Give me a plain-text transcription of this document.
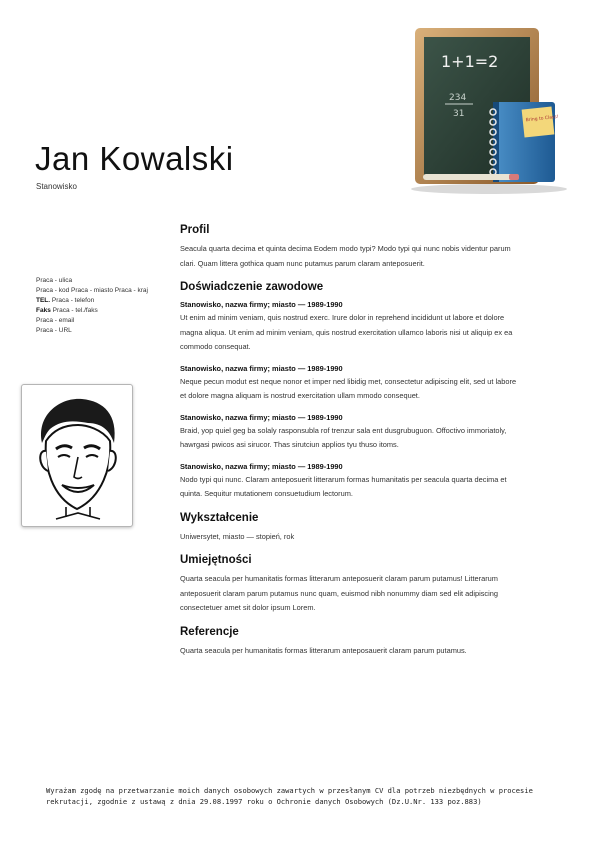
Jan Kowalski
Stanowisko
1+1=2
234
31
Bring to Class!
Praca - ulica
Praca - kod Praca - miasto Praca - kraj
TEL. Praca - telefon
Faks Praca - tel./faks
Praca - email
Praca - URL
Profil

Seacula quarta decima et quinta decima Eodem modo typi? Modo typi qui nunc nobis videntur parum clari. Quam littera gothica quam nunc putamus parum claram anteposuerit.

Doświadczenie zawodowe
Stanowisko, nazwa firmy; miasto — 1989-1990

Ut enim ad minim veniam, quis nostrud exerc. Irure dolor in reprehend incididunt ut labore et dolore magna aliqua. Ut enim ad minim veniam, quis nostrud exercitation ullamco laboris nisi ut aliquip ex ea commodo consequat.

Stanowisko, nazwa firmy; miasto — 1989-1990

Neque pecun modut est neque nonor et imper ned libidig met, consectetur adipiscing elit, sed ut labore et dolore magna aliquam is nostrud exercitation ullam mmodo consequet.

Stanowisko, nazwa firmy; miasto — 1989-1990

Braid, yop quiel geg ba solaly rasponsubla rof trenzur sala ent dusgrubuguon. Offoctivo immoriatoly, hawrgasi pwicos asi sirucor. Thas sirutciun applios tyu thuso itoms.

Stanowisko, nazwa firmy; miasto — 1989-1990

Nodo typi qui nunc. Claram anteposuerit litterarum formas humanitatis per seacula quarta decima et quinta. Sequitur mutationem consuetudium lectorum.

Wykształcenie

Uniwersytet, miasto — stopień, rok

Umiejętności

Quarta seacula per humanitatis formas litterarum anteposuerit claram parum putamus! Litterarum anteposuerit claram parum putamus nunc quam, euismod nibh nonummy diam sed elit adipiscing consectetuer amet sit dolor ipsum Lorem.

Referencje

Quarta seacula per humanitatis formas litterarum anteposauerit claram parum putamus.

Wyrażam zgodę na przetwarzanie moich danych osobowych zawartych w przesłanym CV dla potrzeb niezbędnych w procesie rekrutacji, zgodnie z ustawą z dnia 29.08.1997 roku o Ochronie danych Osobowych (Dz.U.Nr. 133 poz.883)
